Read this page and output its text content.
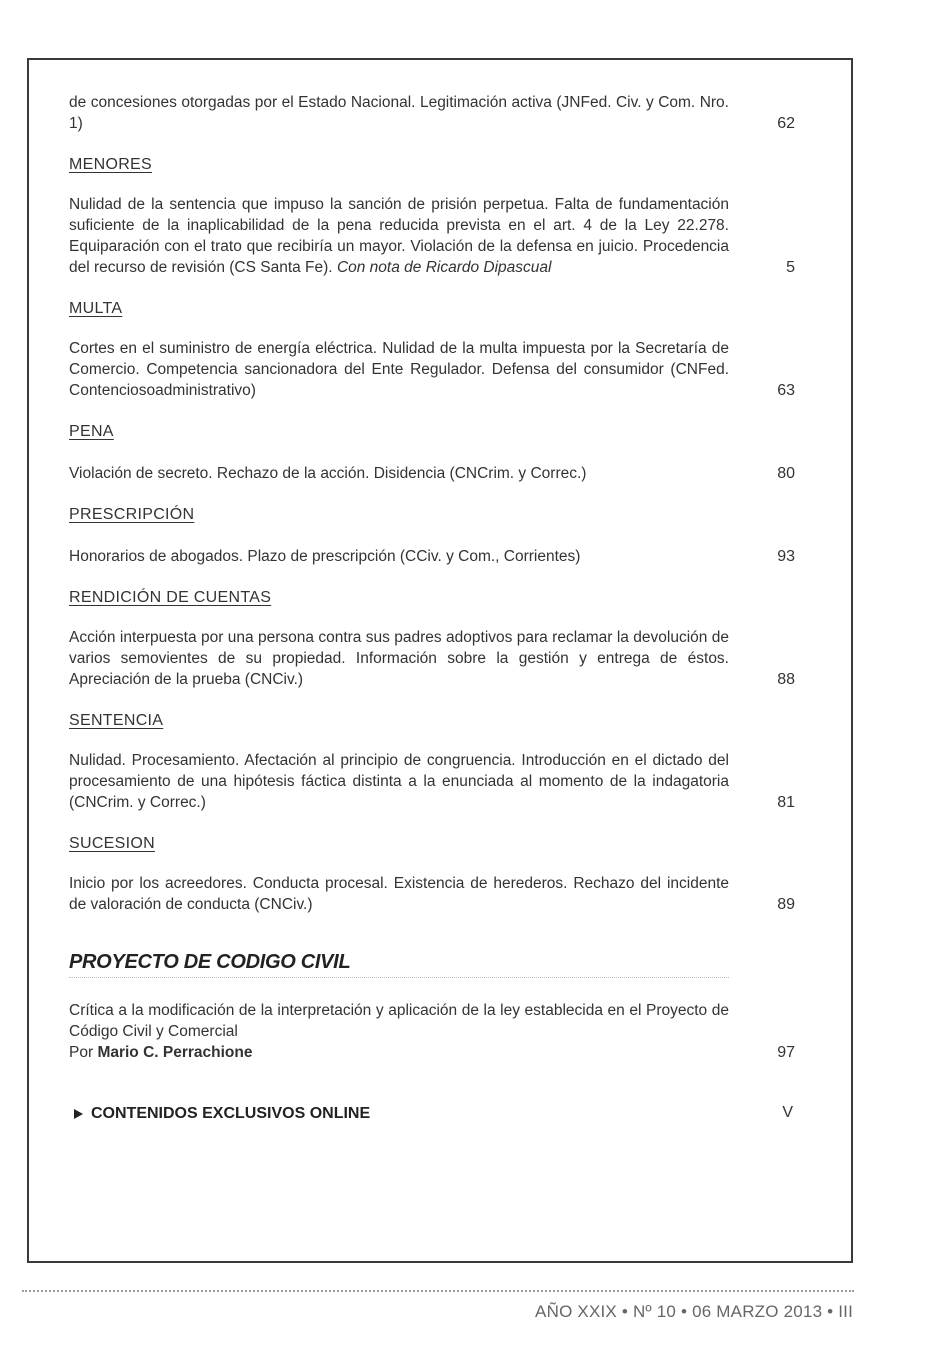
de concesiones otorgadas por el Estado Nacional. Legitimación activa (JNFed. Civ. y Com. Nro. 1)	62
MENORES
Nulidad de la sentencia que impuso la sanción de prisión perpetua. Falta de fundamentación suficiente de la inaplicabilidad de la pena reducida prevista en el art. 4 de la Ley 22.278. Equiparación con el trato que recibiría un mayor. Violación de la defensa en juicio. Procedencia del recurso de revisión (CS Santa Fe). Con nota de Ricardo Dipascual	5
MULTA
Cortes en el suministro de energía eléctrica. Nulidad de la multa impuesta por la Secretaría de Comercio. Competencia sancionadora del Ente Regulador. Defensa del consumidor (CNFed. Contenciosoadministrativo)	63
PENA
Violación de secreto. Rechazo de la acción. Disidencia (CNCrim. y Correc.)	80
PRESCRIPCIÓN
Honorarios de abogados. Plazo de prescripción (CCiv. y Com., Corrientes)	93
RENDICIÓN DE CUENTAS
Acción interpuesta por una persona contra sus padres adoptivos para reclamar la devolución de varios semovientes de su propiedad. Información sobre la gestión y entrega de éstos. Apreciación de la prueba (CNCiv.)	88
SENTENCIA
Nulidad. Procesamiento. Afectación al principio de congruencia. Introducción en el dictado del procesamiento de una hipótesis fáctica distinta a la enunciada al momento de la indagatoria (CNCrim. y Correc.)	81
SUCESION
Inicio por los acreedores. Conducta procesal. Existencia de herederos. Rechazo del incidente de valoración de conducta (CNCiv.)	89
PROYECTO DE CODIGO CIVIL
Crítica a la modificación de la interpretación y aplicación de la ley establecida en el Proyecto de Código Civil y Comercial
Por Mario C. Perrachione	97
CONTENIDOS EXCLUSIVOS ONLINE	V
AÑO XXIX • Nº 10 • 06 MARZO 2013 • III
